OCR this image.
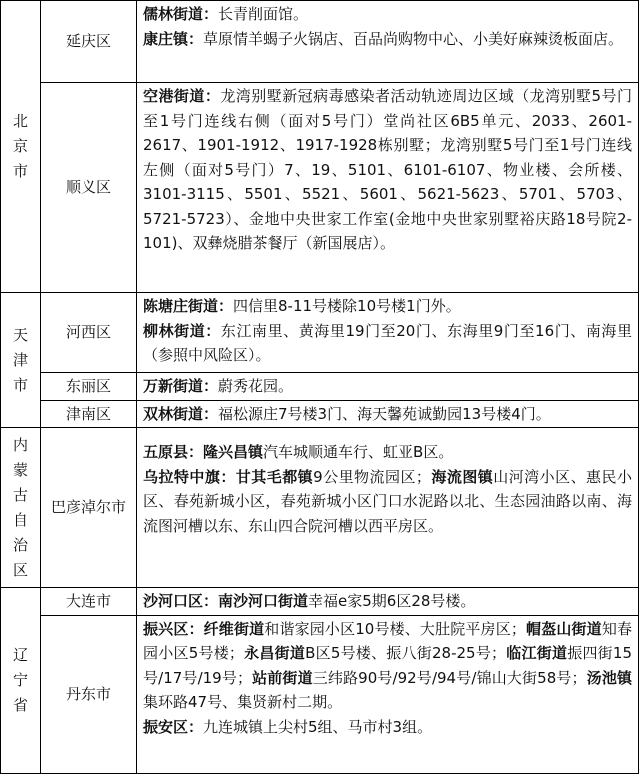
北京市	延庆区	儒林街道：长青削面馆。
康庄镇：草原情羊蝎子火锅店、百品尚购物中心、小美好麻辣烫板面店。

	顺义区	空港街道：龙湾别墅新冠病毒感染者活动轨迹周边区域（龙湾别墅5号门至1号门连线右侧（面对5号门）堂尚社区6B5单元、2033、2601-2617、1901-1912、1917-1928栋别墅；龙湾别墅5号门至1号门连线左侧（面对5号门）7、19、5101、6101-6107、物业楼、会所楼、3101-3115、5501、5521、5601、5621-5623、5701、5703、5721-5723）、金地中央世家工作室(金地中央世家别墅裕庆路18号院2-101)、双彝烧腊茶餐厅（新国展店）。

天津市	河西区	陈塘庄街道：四信里8-11号楼除10号楼1门外。
柳林街道：东江南里、黄海里19门至20门、东海里9门至16门、南海里（参照中风险区）。

	东丽区	万新街道：蔚秀花园。

	津南区	双林街道：福松源庄7号楼3门、海天馨苑诚勤园13号楼4门。

内蒙古自治区	巴彦淖尔市	五原县：隆兴昌镇汽车城顺通车行、虹亚B区。
乌拉特中旗：甘其毛都镇9公里物流园区；海流图镇山河湾小区、惠民小区、春苑新城小区，春苑新城小区门口水泥路以北、生态园油路以南、海流图河槽以东、东山四合院河槽以西平房区。

辽宁省	大连市	沙河口区：南沙河口街道幸福e家5期6区28号楼。

	丹东市	振兴区：纤维街道和谐家园小区10号楼、大肚院平房区；帽盔山街道知春园小区5号楼；永昌街道B区5号楼、振八街28-25号；临江街道振四街15号/17号/19号；站前街道三纬路90号/92号/94号/锦山大街58号；汤池镇集环路47号、集贤新村二期。
振安区：九连城镇上尖村5组、马市村3组。
